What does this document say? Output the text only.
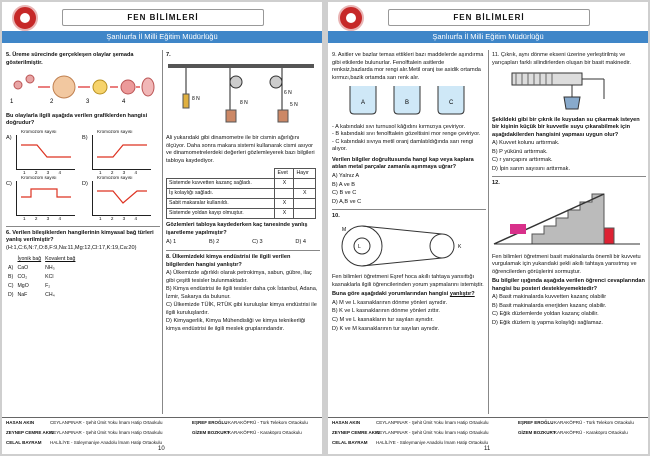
FEN BİLİMLERİ
Şanlıurfa İl Milli Eğitim Müdürlüğü
5. Üreme sürecinde gerçekleşen olaylar şemada gösterilmiştir.
1	2	3	4
Bu olaylarla ilgili aşağıda verilen grafiklerden hangisi doğrudur?
A)
Kromozom sayısı
1 2 3 4
B)
Kromozom sayısı
1 2 3 4
C)
Kromozom sayısı
1 2 3 4
D)
Kromozom sayısı
1 2 3 4
6. Verilen bileşiklerden hangilerinin kimyasal bağ türleri yanlış verilmiştir?
(H:1,C:6,N:7,O:8,F:9,Na:11,Mg:12,Cl:17,K:19,Ca:20)
	İyonik bağ	Kovalent bağ
A)	CaO	NH₃
B)	CO₂	KCl
C)	MgO	F₂
D)	NaF	CH₄
7.
8 N
8 N
6 N
5 N
Ali yukarıdaki gibi dinamometre ile bir cismin ağırlığını ölçüyor. Daha sonra makara sistemi kullanarak cismi asıyor ve dinamometrelerdeki değerleri gözlemleyerek bazı bilgileri tabloya kaydediyor.
	Evet	Hayır
Sistemde kuvvetten kazanç sağladı.	X	
İş kolaylığı sağladı.		X
Sabit makaralar kullanıldı.	X	
Sistemde yoldan kayıp olmuştur.	X	
Gözlemleri tabloya kaydederken kaç tanesinde yanlış işaretleme yapılmıştır?
A) 1	B) 2	C) 3	D) 4
8. Ülkemizdeki kimya endüstrisi ile ilgili verilen bilgilerden hangisi yanlıştır?
A) Ülkemizde ağırlıklı olarak petrokimya, sabun, gübre, ilaç gibi çeşitli tesisler bulunmaktadır.
B) Kimya endüstrisi ile ilgili tesisler daha çok İstanbul, Adana, İzmir, Sakarya da bulunur.
C) Ülkemizde TÜİK, RTÜK gibi kuruluşlar kimya endüstrisi ile ilgili kuruluşlardır.
D) Kimyagerlik, Kimya Mühendisliği ve kimya teknikerliği kimya endüstrisi ile ilgili meslek gruplarındandır.
HASAN AKIN	CEYLANPINAR - Şehit Ümit Yoku İmam Hatip Ortaokulu	EŞREF EROĞLU KARAKÖPRÜ - Türk Telekom Ortaokulu
ZEYNEP CEMRE AKIN
CEYLANPINAR - Şehit Ümit Yoku İmam Hatip Ortaokulu	GİZEM BOZKURT
KARAKÖPRÜ - Karaköprü Ortaokulu
CELAL BAYRAM HALİLİYE - Süleymaniye Anadolu İmam Hatip Ortaokulu
10
FEN BİLİMLERİ
Şanlıurfa İl Milli Eğitim Müdürlüğü
9. Asitler ve bazlar temas ettikleri bazı maddelerde aşındırma gibi etkilerde bulunurlar. Fenolftalein asitlerde renksiz,bazlarda mor rengi alır.Metil oranj ise asidik ortamda kırmızı,bazik ortamda sarı renk alır.
A	B	C
- A kabındaki sıvı turnusol kâğıdını kırmızıya çeviriyor.
- B kabındaki sıvı fenolftalein gözeltisini mor renge çeviriyor.
- C kabındaki sıvıya metil oranj damlatıldığında sarı rengi alıyor.
Verilen bilgiler doğrultusunda hangi kap veya kaplara atılan metal parçalar zamanla aşınmaya uğrar?
A) Yalnız A
B) A ve B
C) B ve C
D) A,B ve C
10.
M
L	K
Fen bilimleri öğretmeni Eşref hoca akıllı tahtaya yansıttığı kasnaklarla ilgili öğrencilerinden yorum yapmalarını istemiştir.
Buna göre aşağıdaki yorumlarından hangisi yanlıştır?
A) M ve L kasnaklarının dönme yönleri aynıdır.
B) K ve L kasnaklarının dönme yönleri zıttır.
C) M ve L kasnakların tur sayıları aynıdır.
D) K ve M kasnaklarının tur sayıları aynıdır.
11. Çıkrık, aynı dönme ekseni üzerine yerleştirilmiş ve yarıçapları farklı silindirlerden oluşan bir basit makinedir.
Şekildeki gibi bir çıkrık ile kuyudan su çıkarmak isteyen bir kişinin küçük bir kuvvetle suyu çıkarabilmek için aşağıdakilerden hangisini yapması uygun olur?
A) Kuvvet kolunu arttırmak.
B) P yükünü arttırmak.
C) r yarıçapını arttırmak.
D) İpin sarım sayısını arttırmak.
12.
Fen bilimleri öğretmeni basit makinalarda önemli bir kuvvetu vurgulamak için yukarıdaki şekli akıllı tahtaya yansıtmış ve öğrencilerden görüşlerini sormuştur.
Bu bilgiler ışığında aşağıda verilen öğrenci cevaplarından hangisi bu posteri destekleyemektedir?
A) Basit makinalarda kuvvetten kazanç olabilir
B) Basit makinalarda enerjiden kazanç olabilir.
C) Eğik düzlemlerde yoldan kazanç olabilir.
D) Eğik düzlem iş yapma kolaylığı sağlamaz.
HASAN AKIN	CEYLANPINAR - Şehit Ümit Yoku İmam Hatip Ortaokulu	EŞREF EROĞLU KARAKÖPRÜ - Türk Telekom Ortaokulu
ZEYNEP CEMRE AKIN
CEYLANPINAR - Şehit Ümit Yoku İmam Hatip Ortaokulu	GİZEM BOZKURT
KARAKÖPRÜ - Karaköprü Ortaokulu
CELAL BAYRAM HALİLİYE - Süleymaniye Anadolu İmam Hatip Ortaokulu
11
